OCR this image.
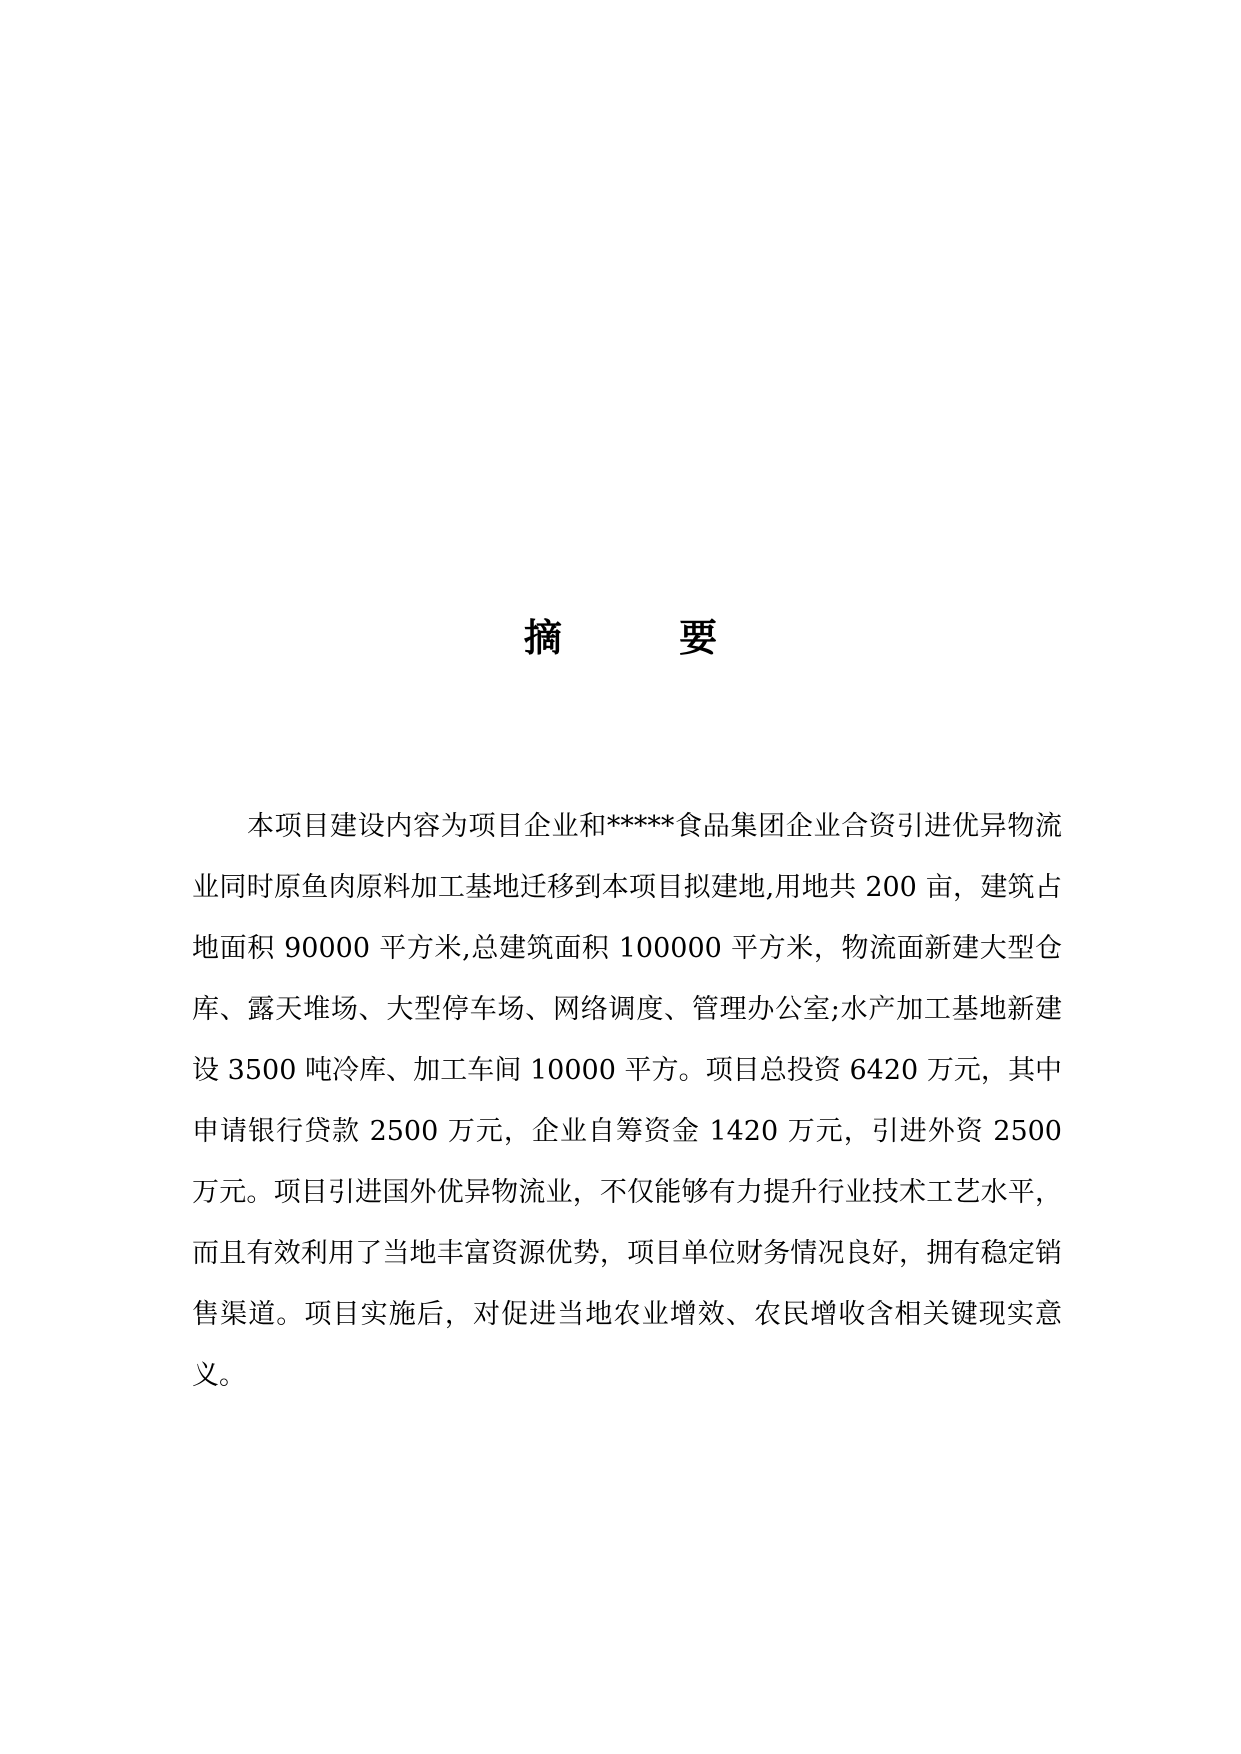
摘 要

本项目建设内容为项目企业和*****食品集团企业合资引进优异物流业同时原鱼肉原料加工基地迁移到本项目拟建地,用地共 200 亩，建筑占地面积 90000 平方米,总建筑面积 100000 平方米，物流面新建大型仓库、露天堆场、大型停车场、网络调度、管理办公室;水产加工基地新建设 3500 吨冷库、加工车间 10000 平方。项目总投资 6420 万元，其中申请银行贷款 2500 万元，企业自筹资金 1420 万元，引进外资 2500 万元。项目引进国外优异物流业，不仅能够有力提升行业技术工艺水平，而且有效利用了当地丰富资源优势，项目单位财务情况良好，拥有稳定销售渠道。项目实施后，对促进当地农业增效、农民增收含相关键现实意义。
